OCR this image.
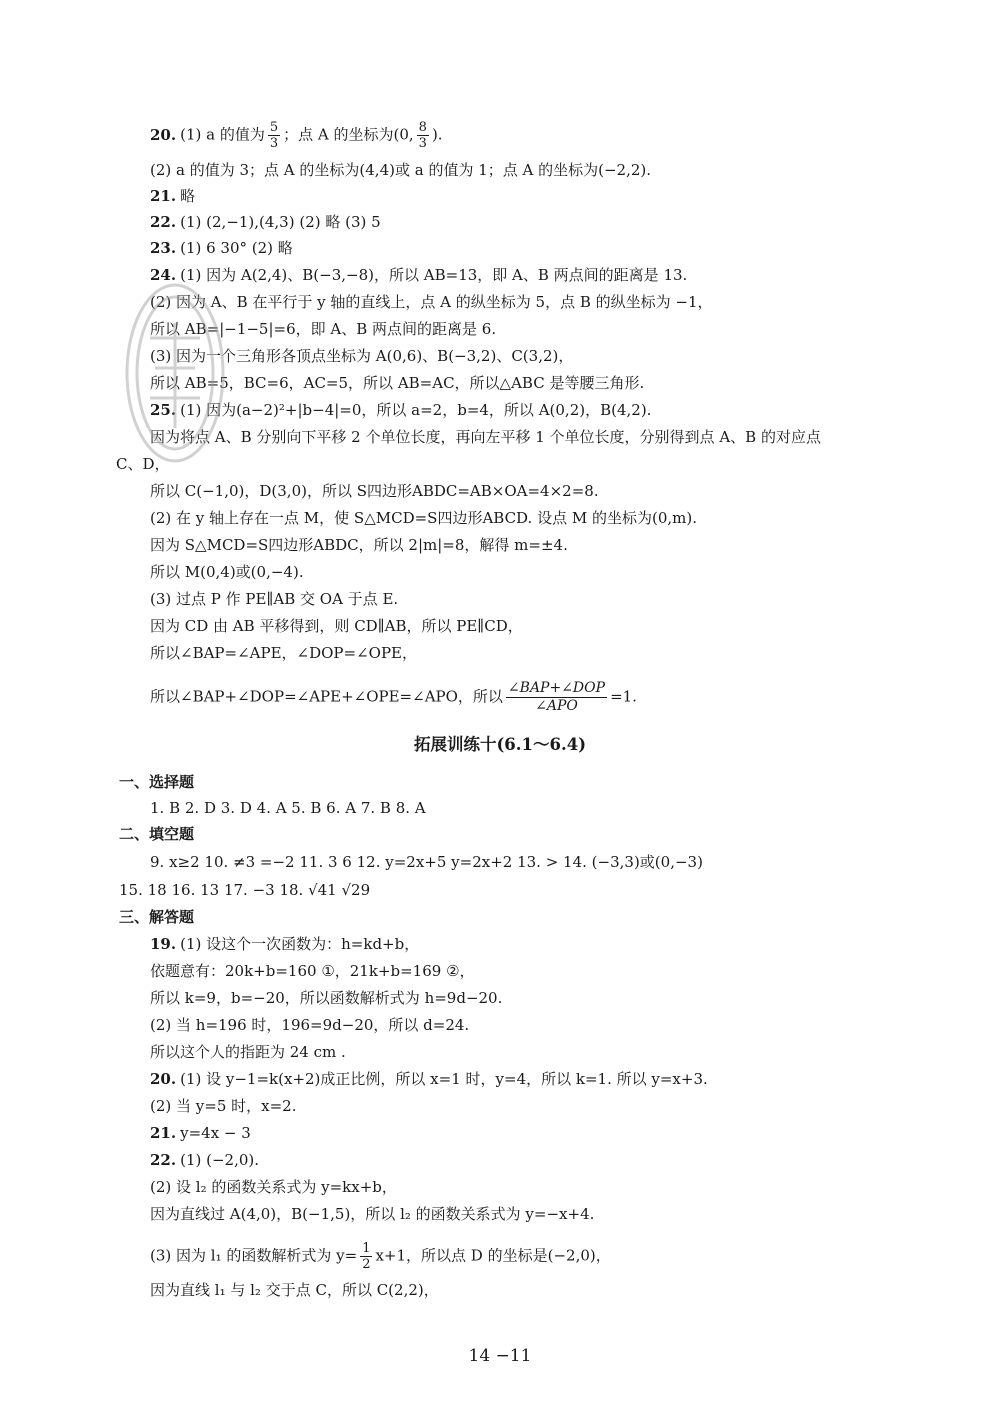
20. (1) a 的值为 $\frac{5}{3}$ ；点 A 的坐标为(0, $\frac{8}{3}$ ).
(2) a 的值为 3；点 A 的坐标为(4,4)或 a 的值为 1；点 A 的坐标为(−2,2).
21. 略
22. (1) (2,−1),(4,3) (2) 略 (3) 5
23. (1) 6 30° (2) 略
24. (1) 因为 A(2,4)、B(−3,−8)，所以 AB=13，即 A、B 两点间的距离是 13.
(2) 因为 A、B 在平行于 y 轴的直线上，点 A 的纵坐标为 5，点 B 的纵坐标为 −1，
所以 AB=|−1−5|=6，即 A、B 两点间的距离是 6.
(3) 因为一个三角形各顶点坐标为 A(0,6)、B(−3,2)、C(3,2)，
所以 AB=5，BC=6，AC=5，所以 AB=AC，所以△ABC 是等腰三角形.
25. (1) 因为(a−2)²+|b−4|=0，所以 a=2，b=4，所以 A(0,2)，B(4,2).
因为将点 A、B 分别向下平移 2 个单位长度，再向左平移 1 个单位长度，分别得到点 A、B 的对应点
C、D，
所以 C(−1,0)，D(3,0)，所以 S四边形ABDC=AB×OA=4×2=8.
(2) 在 y 轴上存在一点 M，使 S△MCD=S四边形ABCD. 设点 M 的坐标为(0,m).
因为 S△MCD=S四边形ABDC，所以 2|m|=8，解得 m=±4.
所以 M(0,4)或(0,−4).
(3) 过点 P 作 PE∥AB 交 OA 于点 E.
因为 CD 由 AB 平移得到，则 CD∥AB，所以 PE∥CD，
所以∠BAP=∠APE，∠DOP=∠OPE，
所以∠BAP+∠DOP=∠APE+∠OPE=∠APO，所以 $\frac{\text{∠BAP+∠DOP}}{\text{∠APO}} =1$.
拓展训练十(6.1～6.4)
一、选择题
1. B 2. D 3. D 4. A 5. B 6. A 7. B 8. A
二、填空题
9. x≥2 10. ≠3 =−2 11. 3 6 12. y=2x+5 y=2x+2 13. > 14. (−3,3)或(0,−3)
15. 18 16. 13 17. −3 18. √41 √29
三、解答题
19. (1) 设这个一次函数为：h=kd+b，
依题意有：20k+b=160 ①，21k+b=169 ②，
所以 k=9，b=−20，所以函数解析式为 h=9d−20.
(2) 当 h=196 时，196=9d−20，所以 d=24.
所以这个人的指距为 24 cm .
20. (1) 设 y−1=k(x+2)成正比例，所以 x=1 时，y=4，所以 k=1. 所以 y=x+3.
(2) 当 y=5 时，x=2.
21. y=4x − 3
22. (1) (−2,0).
(2) 设 l₂ 的函数关系式为 y=kx+b，
因为直线过 A(4,0)，B(−1,5)，所以 l₂ 的函数关系式为 y=−x+4.
(3) 因为 l₁ 的函数解析式为 $y= \frac{1}{2} x+1$，所以点 D 的坐标是(−2,0)，
因为直线 l₁ 与 l₂ 交于点 C，所以 C(2,2)，
14 −11
